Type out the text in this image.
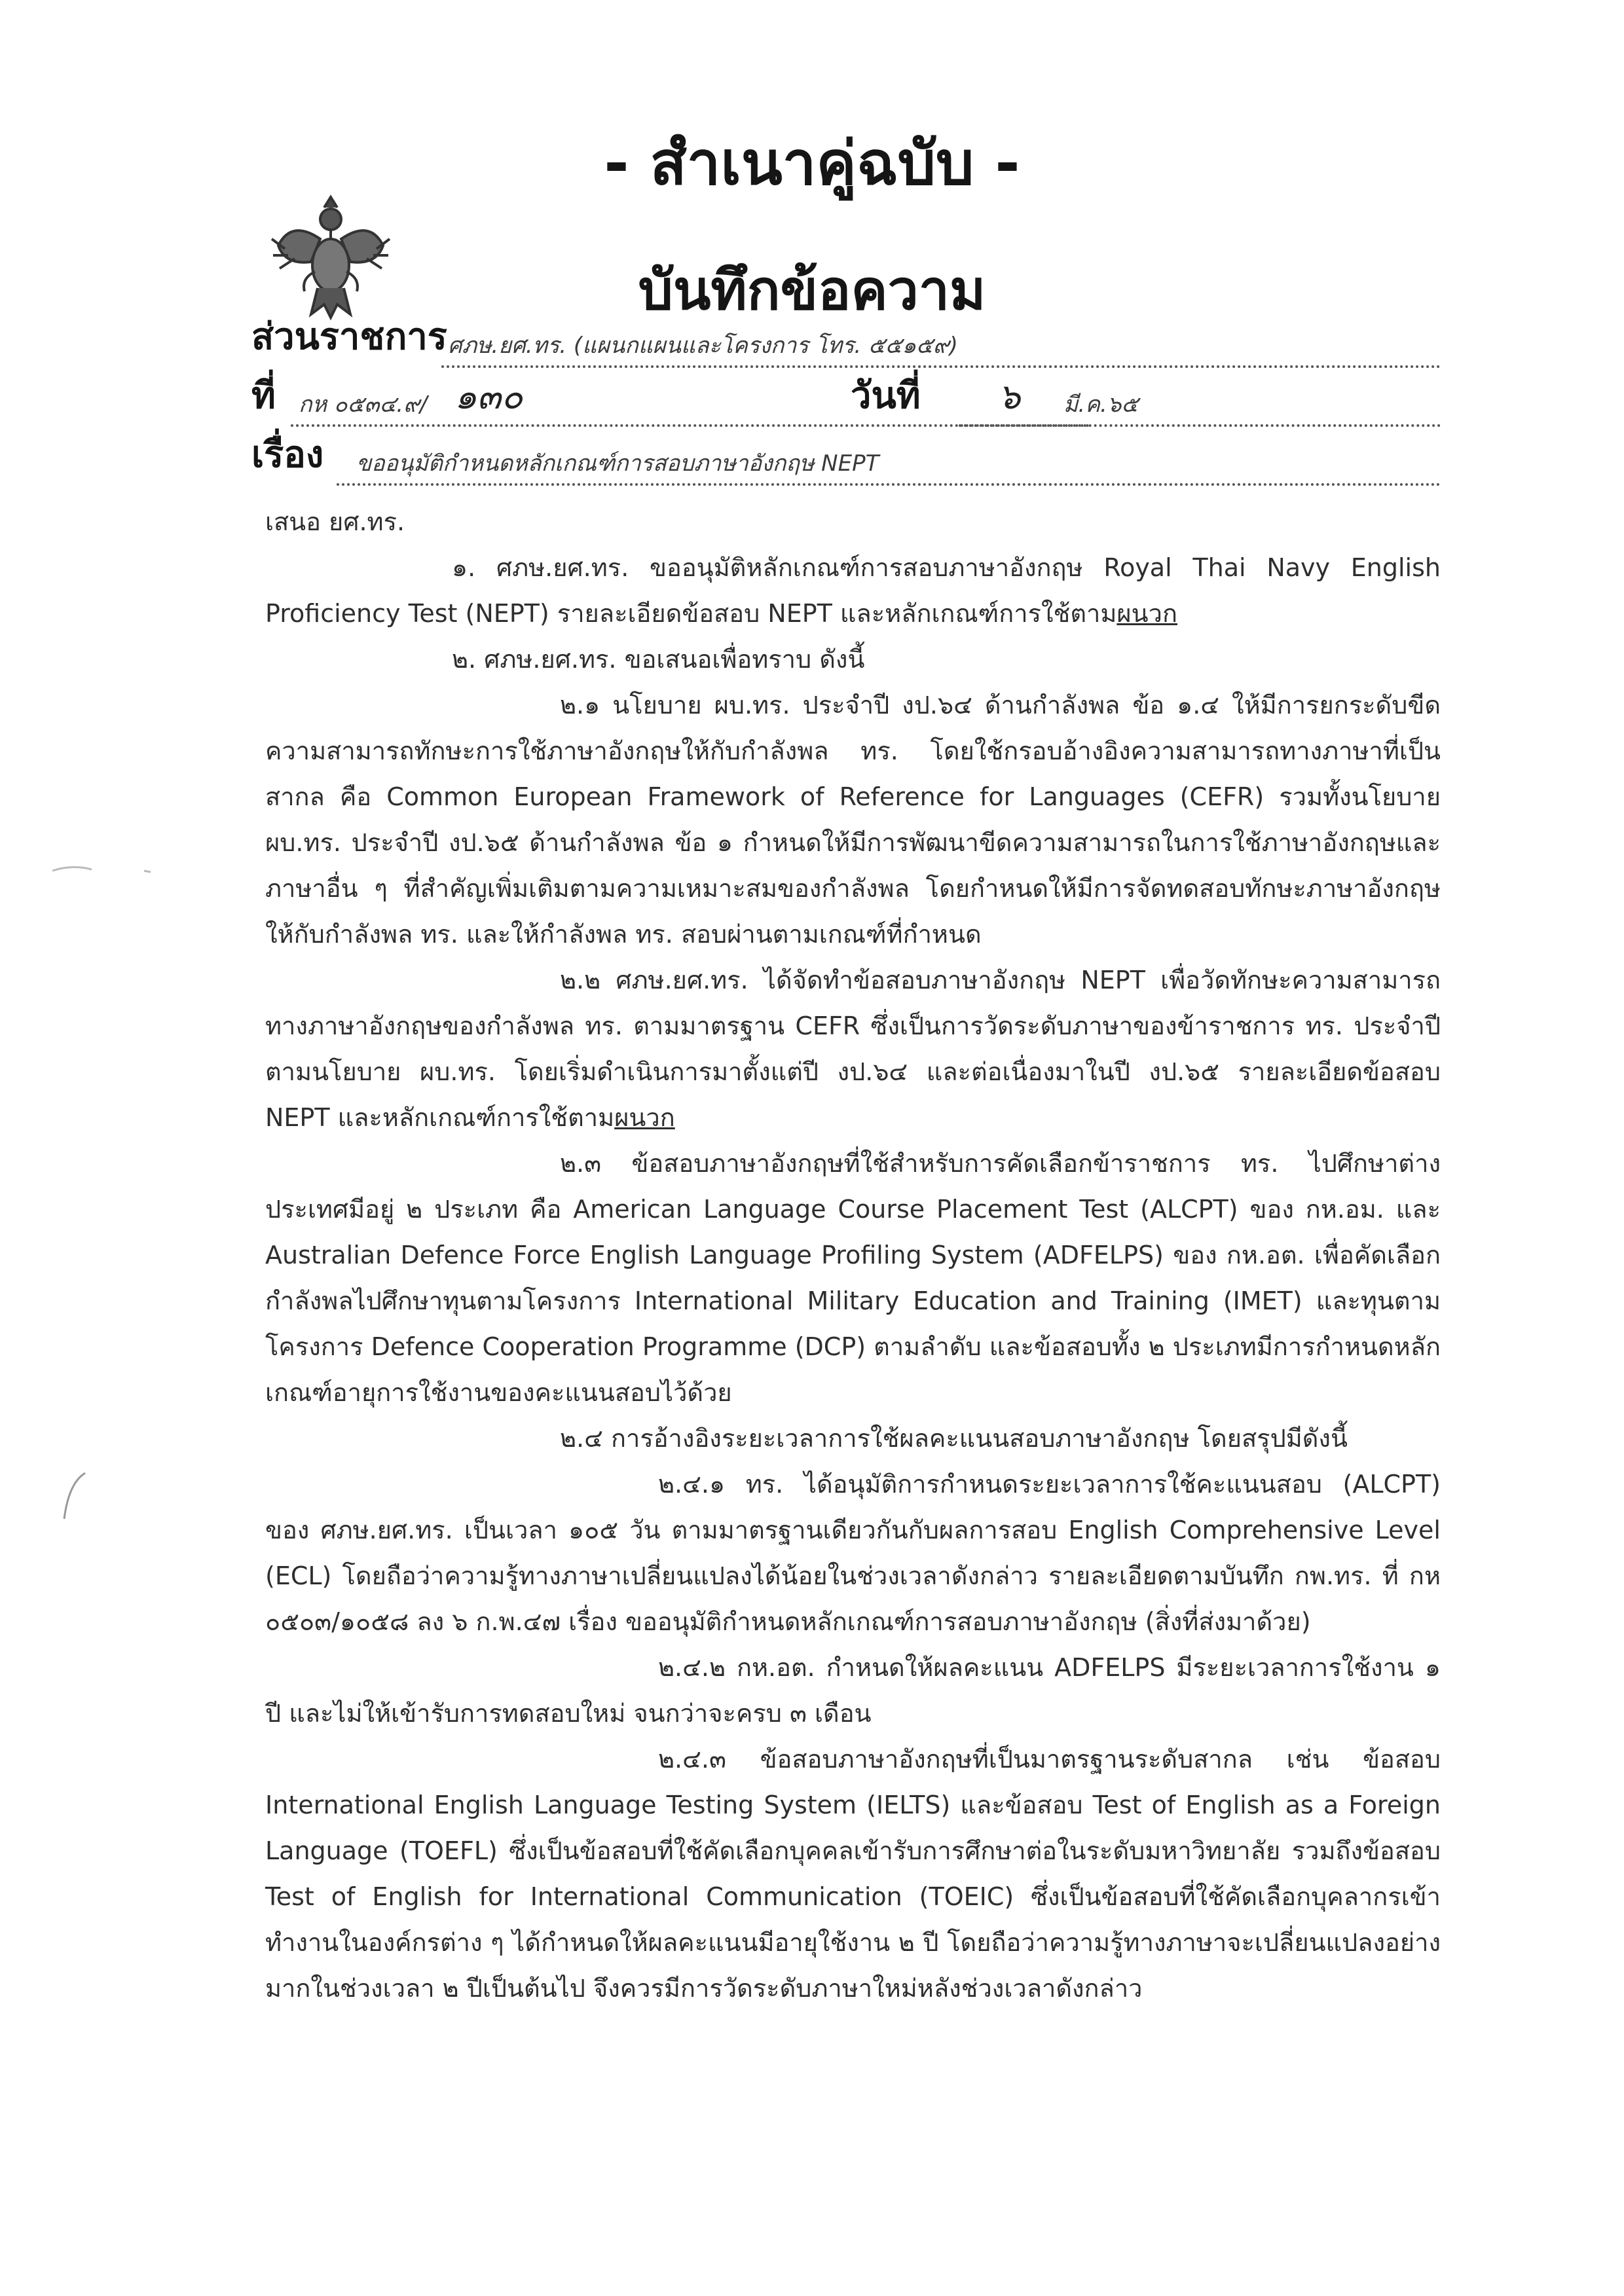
- สำเนาคู่ฉบับ -
บันทึกข้อความ
ส่วนราชการ ศภษ.ยศ.ทร. (แผนกแผนและโครงการ โทร. ๕๕๑๕๙)
ที่ กห ๐๕๓๔.๙/ ๑๓๐	วันที่ ๖ มี.ค.๖๕
เรื่อง ขออนุมัติกำหนดหลักเกณฑ์การสอบภาษาอังกฤษ NEPT

เสนอ ยศ.ทร.

๑. ศภษ.ยศ.ทร. ขออนุมัติหลักเกณฑ์การสอบภาษาอังกฤษ Royal Thai Navy English Proficiency Test (NEPT) รายละเอียดข้อสอบ NEPT และหลักเกณฑ์การใช้ตามผนวก

๒. ศภษ.ยศ.ทร. ขอเสนอเพื่อทราบ ดังนี้

๒.๑ นโยบาย ผบ.ทร. ประจำปี งป.๖๔ ด้านกำลังพล ข้อ ๑.๔ ให้มีการยกระดับขีดความสามารถทักษะการใช้ภาษาอังกฤษให้กับกำลังพล ทร. โดยใช้กรอบอ้างอิงความสามารถทางภาษาที่เป็นสากล คือ Common European Framework of Reference for Languages (CEFR) รวมทั้งนโยบาย ผบ.ทร. ประจำปี งป.๖๕ ด้านกำลังพล ข้อ ๑ กำหนดให้มีการพัฒนาขีดความสามารถในการใช้ภาษาอังกฤษและภาษาอื่น ๆ ที่สำคัญเพิ่มเติมตามความเหมาะสมของกำลังพล โดยกำหนดให้มีการจัดทดสอบทักษะภาษาอังกฤษให้กับกำลังพล ทร. และให้กำลังพล ทร. สอบผ่านตามเกณฑ์ที่กำหนด

๒.๒ ศภษ.ยศ.ทร. ได้จัดทำข้อสอบภาษาอังกฤษ NEPT เพื่อวัดทักษะความสามารถทางภาษาอังกฤษของกำลังพล ทร. ตามมาตรฐาน CEFR ซึ่งเป็นการวัดระดับภาษาของข้าราชการ ทร. ประจำปีตามนโยบาย ผบ.ทร. โดยเริ่มดำเนินการมาตั้งแต่ปี งป.๖๔ และต่อเนื่องมาในปี งป.๖๕ รายละเอียดข้อสอบ NEPT และหลักเกณฑ์การใช้ตามผนวก

๒.๓ ข้อสอบภาษาอังกฤษที่ใช้สำหรับการคัดเลือกข้าราชการ ทร. ไปศึกษาต่างประเทศมีอยู่ ๒ ประเภท คือ American Language Course Placement Test (ALCPT) ของ กห.อม. และ Australian Defence Force English Language Profiling System (ADFELPS) ของ กห.อต. เพื่อคัดเลือกกำลังพลไปศึกษาทุนตามโครงการ International Military Education and Training (IMET) และทุนตามโครงการ Defence Cooperation Programme (DCP) ตามลำดับ และข้อสอบทั้ง ๒ ประเภทมีการกำหนดหลักเกณฑ์อายุการใช้งานของคะแนนสอบไว้ด้วย

๒.๔ การอ้างอิงระยะเวลาการใช้ผลคะแนนสอบภาษาอังกฤษ โดยสรุปมีดังนี้

๒.๔.๑ ทร. ได้อนุมัติการกำหนดระยะเวลาการใช้คะแนนสอบ (ALCPT) ของ ศภษ.ยศ.ทร. เป็นเวลา ๑๐๕ วัน ตามมาตรฐานเดียวกันกับผลการสอบ English Comprehensive Level (ECL) โดยถือว่าความรู้ทางภาษาเปลี่ยนแปลงได้น้อยในช่วงเวลาดังกล่าว รายละเอียดตามบันทึก กพ.ทร. ที่ กห ๐๕๐๓/๑๐๕๘ ลง ๖ ก.พ.๔๗ เรื่อง ขออนุมัติกำหนดหลักเกณฑ์การสอบภาษาอังกฤษ (สิ่งที่ส่งมาด้วย)

๒.๔.๒ กห.อต. กำหนดให้ผลคะแนน ADFELPS มีระยะเวลาการใช้งาน ๑ ปี และไม่ให้เข้ารับการทดสอบใหม่ จนกว่าจะครบ ๓ เดือน

๒.๔.๓ ข้อสอบภาษาอังกฤษที่เป็นมาตรฐานระดับสากล เช่น ข้อสอบ International English Language Testing System (IELTS) และข้อสอบ Test of English as a Foreign Language (TOEFL) ซึ่งเป็นข้อสอบที่ใช้คัดเลือกบุคคลเข้ารับการศึกษาต่อในระดับมหาวิทยาลัย รวมถึงข้อสอบ Test of English for International Communication (TOEIC) ซึ่งเป็นข้อสอบที่ใช้คัดเลือกบุคลากรเข้าทำงานในองค์กรต่าง ๆ ได้กำหนดให้ผลคะแนนมีอายุใช้งาน ๒ ปี โดยถือว่าความรู้ทางภาษาจะเปลี่ยนแปลงอย่างมากในช่วงเวลา ๒ ปีเป็นต้นไป จึงควรมีการวัดระดับภาษาใหม่หลังช่วงเวลาดังกล่าว
